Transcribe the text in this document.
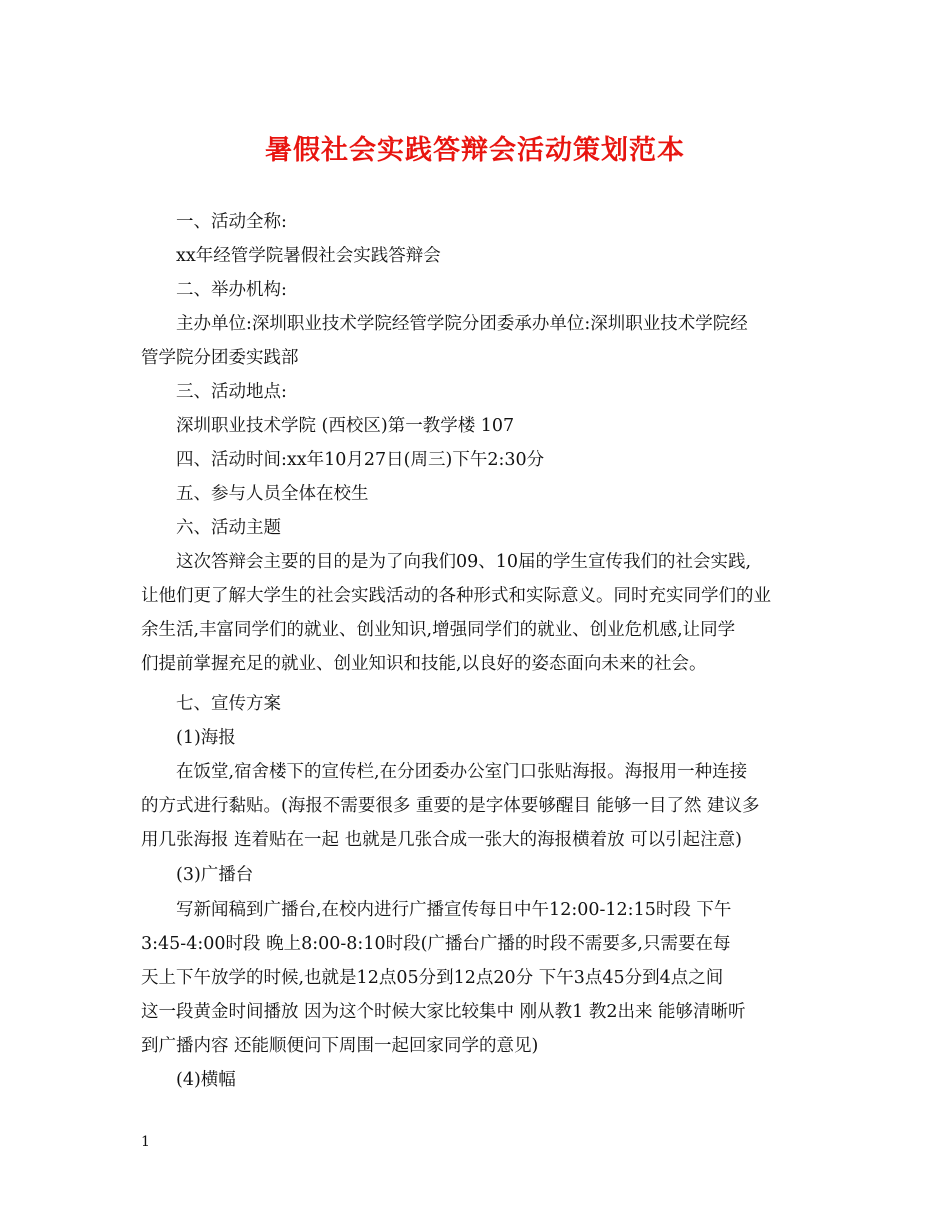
暑假社会实践答辩会活动策划范本
一、活动全称:
xx年经管学院暑假社会实践答辩会
二、举办机构:
主办单位:深圳职业技术学院经管学院分团委承办单位:深圳职业技术学院经
管学院分团委实践部
三、活动地点:
深圳职业技术学院 (西校区)第一教学楼 107
四、活动时间:xx年10月27日(周三)下午2:30分
五、参与人员全体在校生
六、活动主题
这次答辩会主要的目的是为了向我们09、10届的学生宣传我们的社会实践,
让他们更了解大学生的社会实践活动的各种形式和实际意义。同时充实同学们的业
余生活,丰富同学们的就业、创业知识,增强同学们的就业、创业危机感,让同学
们提前掌握充足的就业、创业知识和技能,以良好的姿态面向未来的社会。
七、宣传方案
(1)海报
在饭堂,宿舍楼下的宣传栏,在分团委办公室门口张贴海报。海报用一种连接
的方式进行黏贴。(海报不需要很多 重要的是字体要够醒目 能够一目了然 建议多
用几张海报 连着贴在一起 也就是几张合成一张大的海报横着放 可以引起注意)
(3)广播台
写新闻稿到广播台,在校内进行广播宣传每日中午12:00-12:15时段 下午
3:45-4:00时段 晚上8:00-8:10时段(广播台广播的时段不需要多,只需要在每
天上下午放学的时候,也就是12点05分到12点20分 下午3点45分到4点之间
这一段黄金时间播放 因为这个时候大家比较集中 刚从教1 教2出来 能够清晰听
到广播内容 还能顺便问下周围一起回家同学的意见)
(4)横幅
1
